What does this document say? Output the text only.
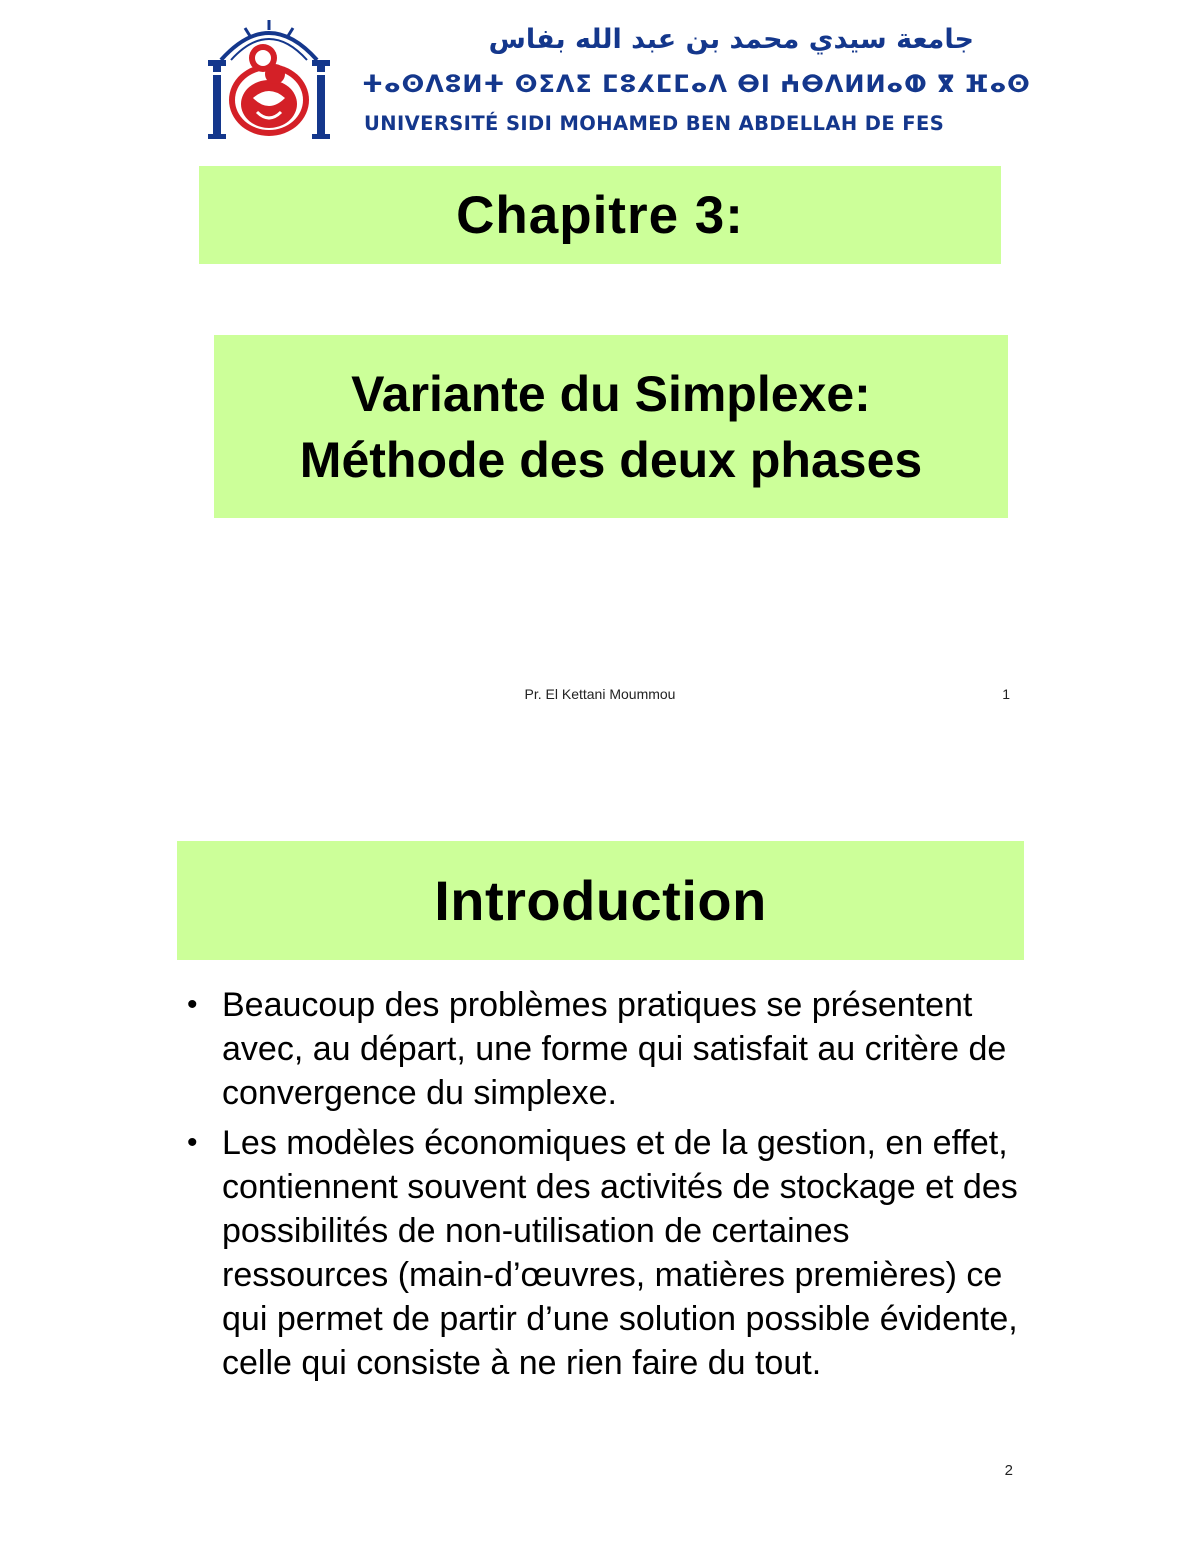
جامعة سيدي محمد بن عبد الله بفاس
ⵜⴰⵙⴷⵓⵍⵜ ⵙⵉⴷⵉ ⵎⵓⵃⵎⵎⴰⴷ ⴱⵏ ⵄⴱⴷⵍⵍⴰⵀ ⴳ ⴼⴰⵙ
UNIVERSITÉ SIDI MOHAMED BEN ABDELLAH DE FES
Chapitre 3:
Variante du Simplexe:
Méthode des deux phases
Pr. El Kettani Moummou	1
Introduction
• Beaucoup des problèmes pratiques se présentent avec, au départ, une forme qui satisfait au critère de convergence du simplexe.
• Les modèles économiques et de la gestion, en effet, contiennent souvent des activités de stockage et des possibilités de non-utilisation de certaines ressources (main-d’œuvres, matières premières) ce qui permet de partir d’une solution possible évidente, celle qui consiste à ne rien faire du tout.
2
